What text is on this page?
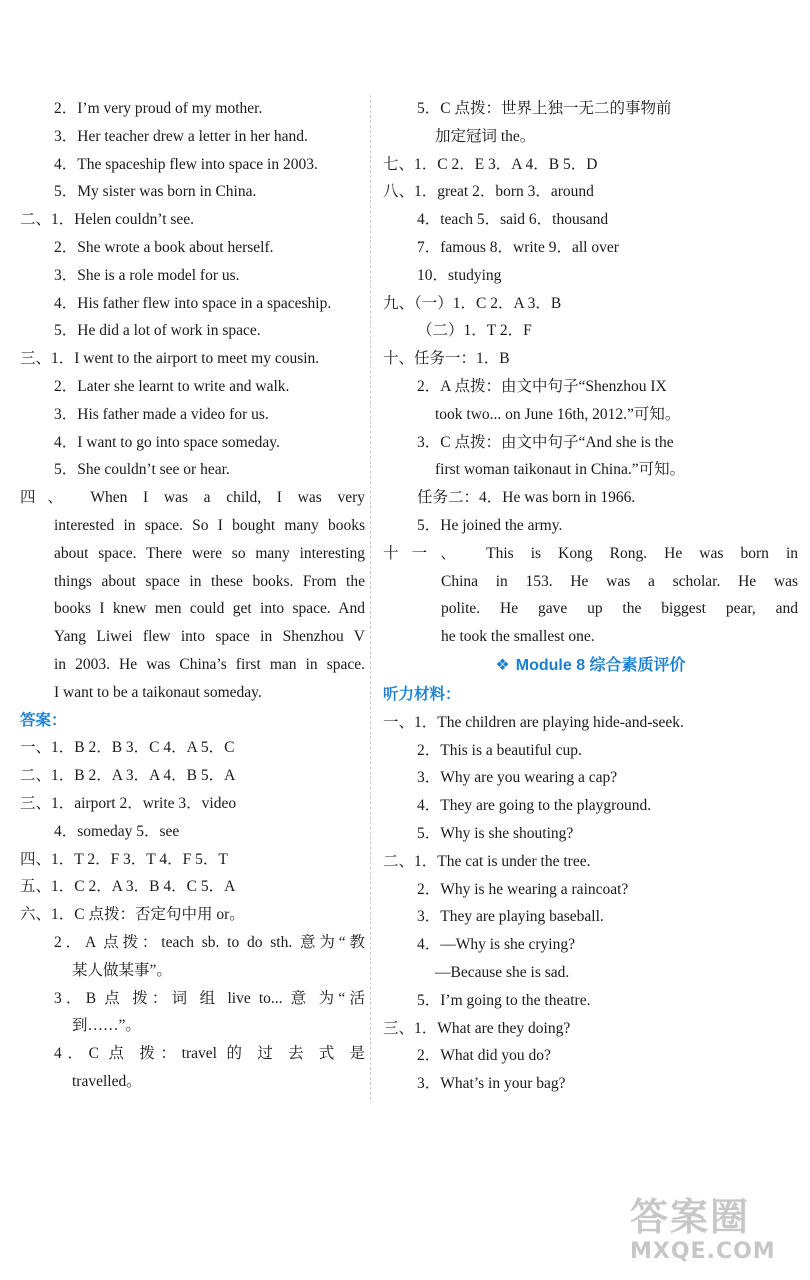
2．I’m very proud of my mother.
3．Her teacher drew a letter in her hand.
4．The spaceship flew into space in 2003.
5．My sister was born in China.
二、1．Helen couldn’t see.
2．She wrote a book about herself.
3．She is a role model for us.
4．His father flew into space in a spaceship.
5．He did a lot of work in space.
三、1．I went to the airport to meet my cousin.
2．Later she learnt to write and walk.
3．His father made a video for us.
4．I want to go into space someday.
5．She couldn’t see or hear.
四、 When I was a child, I was very
interested in space. So I bought many books
about space. There were so many interesting
things about space in these books. From the
books I knew men could get into space. And
Yang Liwei flew into space in Shenzhou V
in 2003. He was China’s first man in space.
I want to be a taikonaut someday.
答案：
一、1．B 2．B 3．C 4．A 5．C
二、1．B 2．A 3．A 4．B 5．A
三、1．airport 2．write 3．video
4．someday 5．see
四、1．T 2．F 3．T 4．F 5．T
五、1．C 2．A 3．B 4．C 5．A
六、1．C 点拨：否定句中用 or。
2．A 点拨：teach sb. to do sth. 意为“教
某人做某事”。
3．B 点 拨：词 组 live to... 意 为“活
到……”。
4．C 点 拨：travel 的 过 去 式 是
travelled。
5．C 点拨：世界上独一无二的事物前
加定冠词 the。
七、1．C 2．E 3．A 4．B 5．D
八、1．great 2．born 3．around
4．teach 5．said 6．thousand
7．famous 8．write 9．all over
10．studying
九、（一）1．C 2．A 3．B
（二）1．T 2．F
十、任务一：1．B
2．A 点拨：由文中句子“Shenzhou IX
took two... on June 16th, 2012.”可知。
3．C 点拨：由文中句子“And she is the
first woman taikonaut in China.”可知。
任务二：4．He was born in 1966.
5．He joined the army.
十一、 This is Kong Rong. He was born in
China in 153. He was a scholar. He was
polite. He gave up the biggest pear, and
he took the smallest one.
❖ Module 8 综合素质评价
听力材料：
一、1．The children are playing hide-and-seek.
2．This is a beautiful cup.
3．Why are you wearing a cap?
4．They are going to the playground.
5．Why is she shouting?
二、1．The cat is under the tree.
2．Why is he wearing a raincoat?
3．They are playing baseball.
4．—Why is she crying?
—Because she is sad.
5．I’m going to the theatre.
三、1．What are they doing?
2．What did you do?
3．What’s in your bag?
答案圈
MXQE.COM
